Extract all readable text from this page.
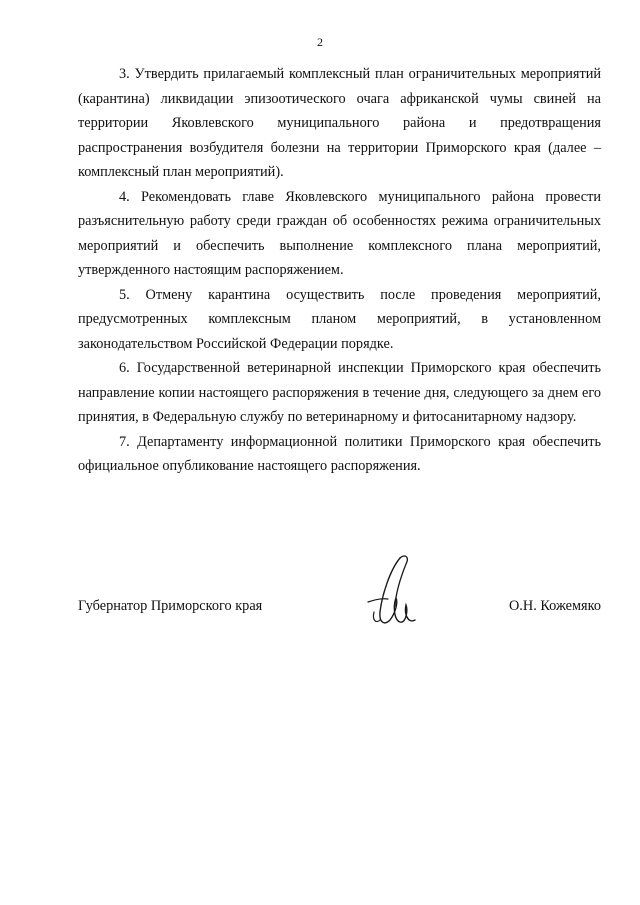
2

3. Утвердить прилагаемый комплексный план ограничительных мероприятий (карантина) ликвидации эпизоотического очага африканской чумы свиней на территории Яковлевского муниципального района и предотвращения распространения возбудителя болезни на территории Приморского края (далее – комплексный план мероприятий).

4. Рекомендовать главе Яковлевского муниципального района провести разъяснительную работу среди граждан об особенностях режима ограничительных мероприятий и обеспечить выполнение комплексного плана мероприятий, утвержденного настоящим распоряжением.

5. Отмену карантина осуществить после проведения мероприятий, предусмотренных комплексным планом мероприятий, в установленном законодательством Российской Федерации порядке.

6. Государственной ветеринарной инспекции Приморского края обеспечить направление копии настоящего распоряжения в течение дня, следующего за днем его принятия, в Федеральную службу по ветеринарному и фитосанитарному надзору.

7. Департаменту информационной политики Приморского края обеспечить официальное опубликование настоящего распоряжения.

Губернатор Приморского края	О.Н. Кожемяко
